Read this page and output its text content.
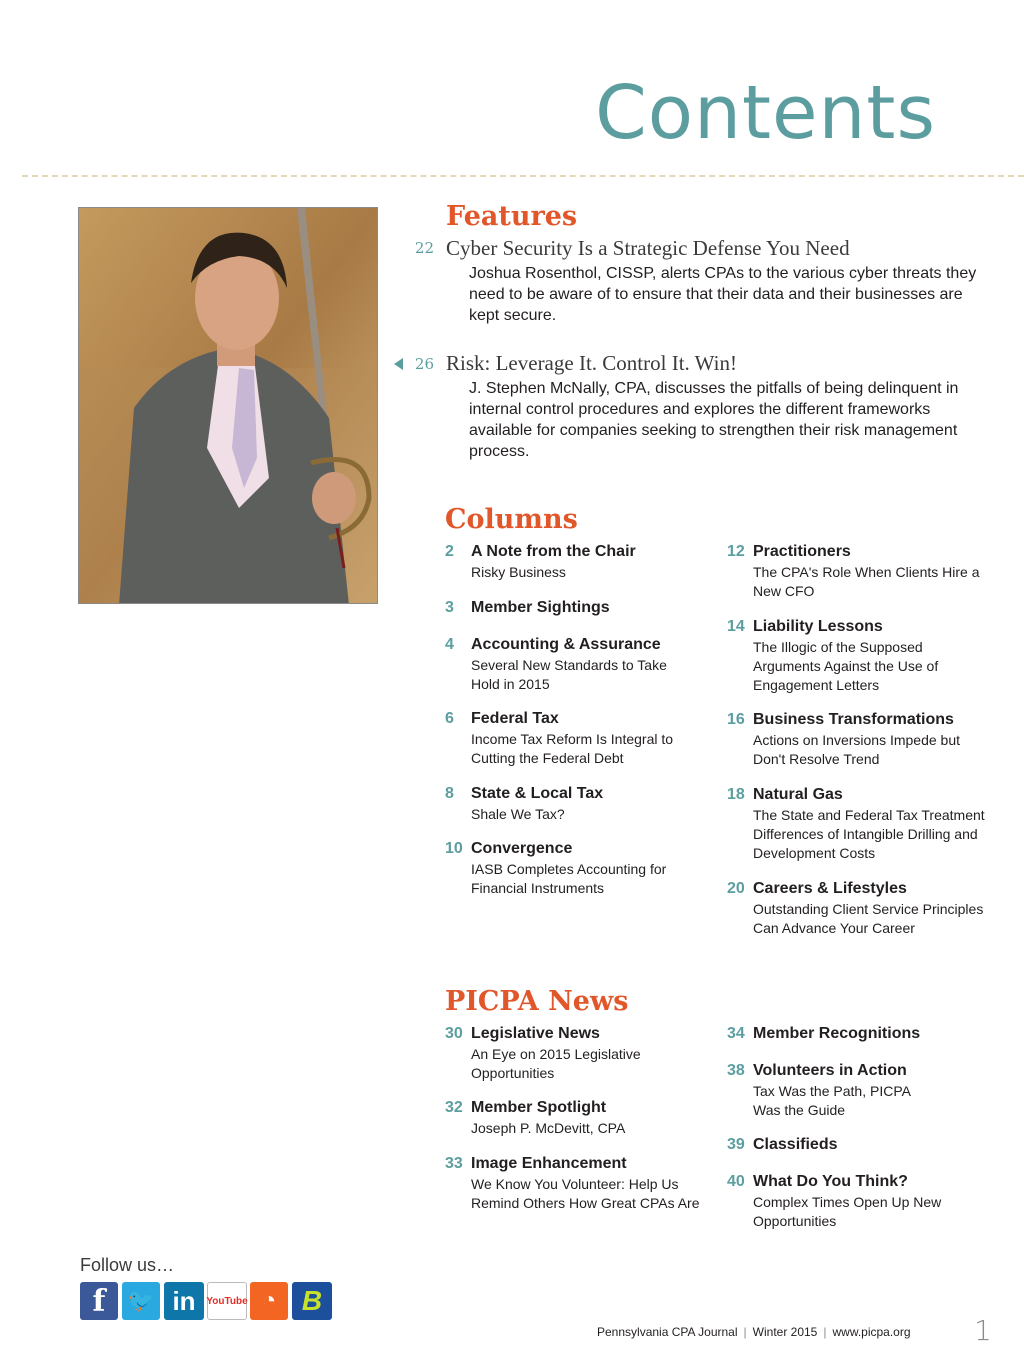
Contents
Features
22 Cyber Security Is a Strategic Defense You Need
Joshua Rosenthol, CISSP, alerts CPAs to the various cyber threats they need to be aware of to ensure that their data and their businesses are kept secure.
26 Risk: Leverage It. Control It. Win!
J. Stephen McNally, CPA, discusses the pitfalls of being delinquent in internal control procedures and explores the different frameworks available for companies seeking to strengthen their risk management process.
Columns
2	A Note from the Chair
Risky Business
3	Member Sightings
4	Accounting & Assurance
Several New Standards to Take
Hold in 2015
6	Federal Tax
Income Tax Reform Is Integral to
Cutting the Federal Debt
8	State & Local Tax
Shale We Tax?
10 Convergence
IASB Completes Accounting for
Financial Instruments
12 Practitioners
The CPA's Role When Clients Hire a
New CFO
14 Liability Lessons
The Illogic of the Supposed
Arguments Against the Use of
Engagement Letters
16 Business Transformations
Actions on Inversions Impede but
Don't Resolve Trend
18 Natural Gas
The State and Federal Tax Treatment
Differences of Intangible Drilling and
Development Costs
20 Careers & Lifestyles
Outstanding Client Service Principles
Can Advance Your Career
PICPA News
30 Legislative News
An Eye on 2015 Legislative
Opportunities
32 Member Spotlight
Joseph P. McDevitt, CPA
33 Image Enhancement
We Know You Volunteer: Help Us
Remind Others How Great CPAs Are
34 Member Recognitions
38 Volunteers in Action
Tax Was the Path, PICPA
Was the Guide
39 Classifieds
40 What Do You Think?
Complex Times Open Up New
Opportunities
Follow us…
f 🐦 in	YouTube ◔ B
Pennsylvania CPA Journal | Winter 2015 | www.picpa.org 1
